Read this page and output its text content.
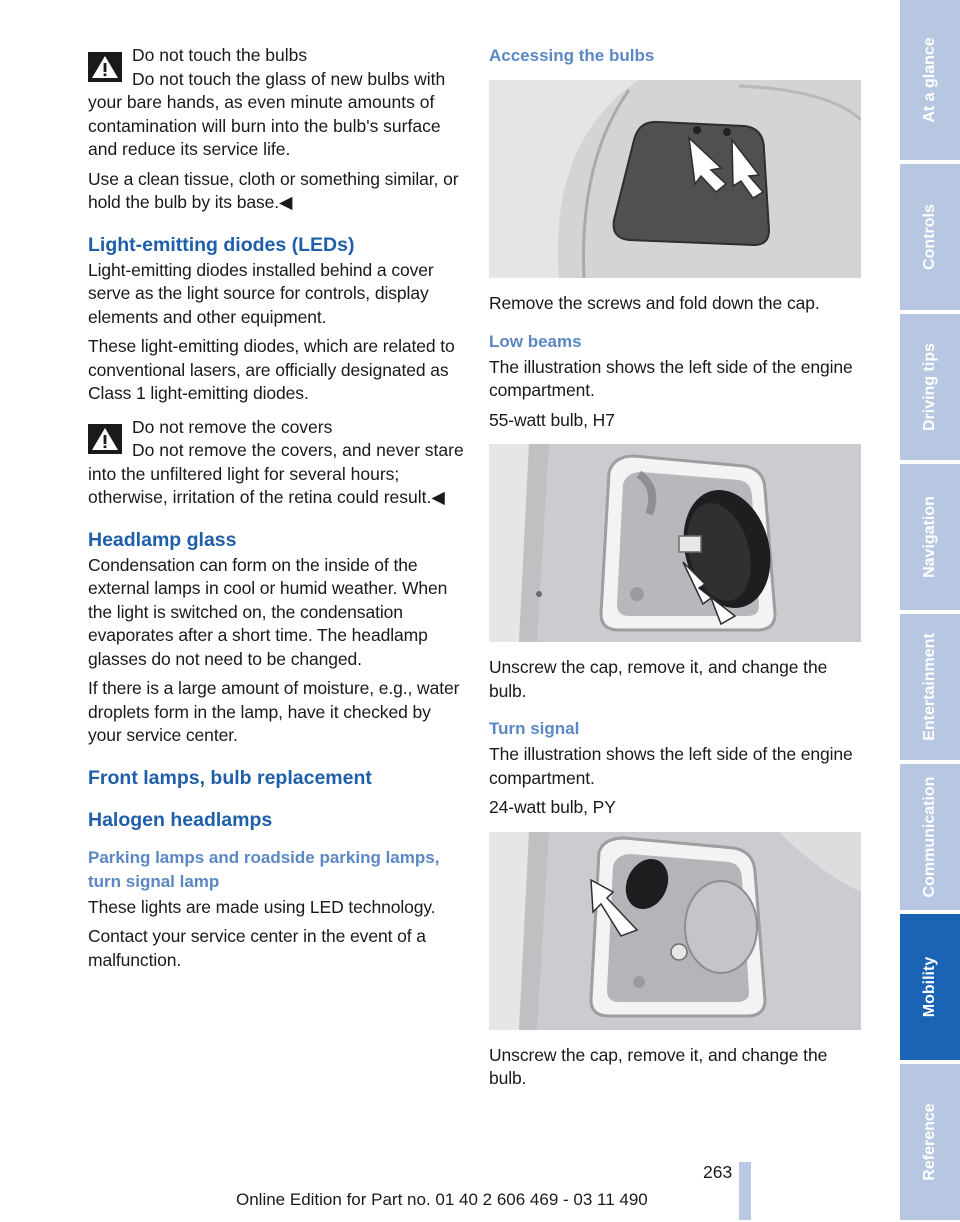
Do not touch the bulbs

Do not touch the glass of new bulbs with your bare hands, as even minute amounts of contamination will burn into the bulb's surface and reduce its service life.

Use a clean tissue, cloth or something similar, or hold the bulb by its base.◀

Light-emitting diodes (LEDs)

Light-emitting diodes installed behind a cover serve as the light source for controls, display elements and other equipment.

These light-emitting diodes, which are related to conventional lasers, are officially designated as Class 1 light-emitting diodes.

Do not remove the covers

Do not remove the covers, and never stare into the unfiltered light for several hours; otherwise, irritation of the retina could result.◀

Headlamp glass

Condensation can form on the inside of the external lamps in cool or humid weather. When the light is switched on, the condensation evaporates after a short time. The headlamp glasses do not need to be changed.

If there is a large amount of moisture, e.g., water droplets form in the lamp, have it checked by your service center.

Front lamps, bulb replacement
Halogen headlamps
Parking lamps and roadside parking lamps, turn signal lamp

These lights are made using LED technology.

Contact your service center in the event of a malfunction.

Accessing the bulbs

Remove the screws and fold down the cap.

Low beams

The illustration shows the left side of the engine compartment.

55-watt bulb, H7

Unscrew the cap, remove it, and change the bulb.

Turn signal

The illustration shows the left side of the engine compartment.

24-watt bulb, PY

Unscrew the cap, remove it, and change the bulb.

263
Online Edition for Part no. 01 40 2 606 469 - 03 11 490
At a glance
Controls
Driving tips
Navigation
Entertainment
Communication
Mobility
Reference
